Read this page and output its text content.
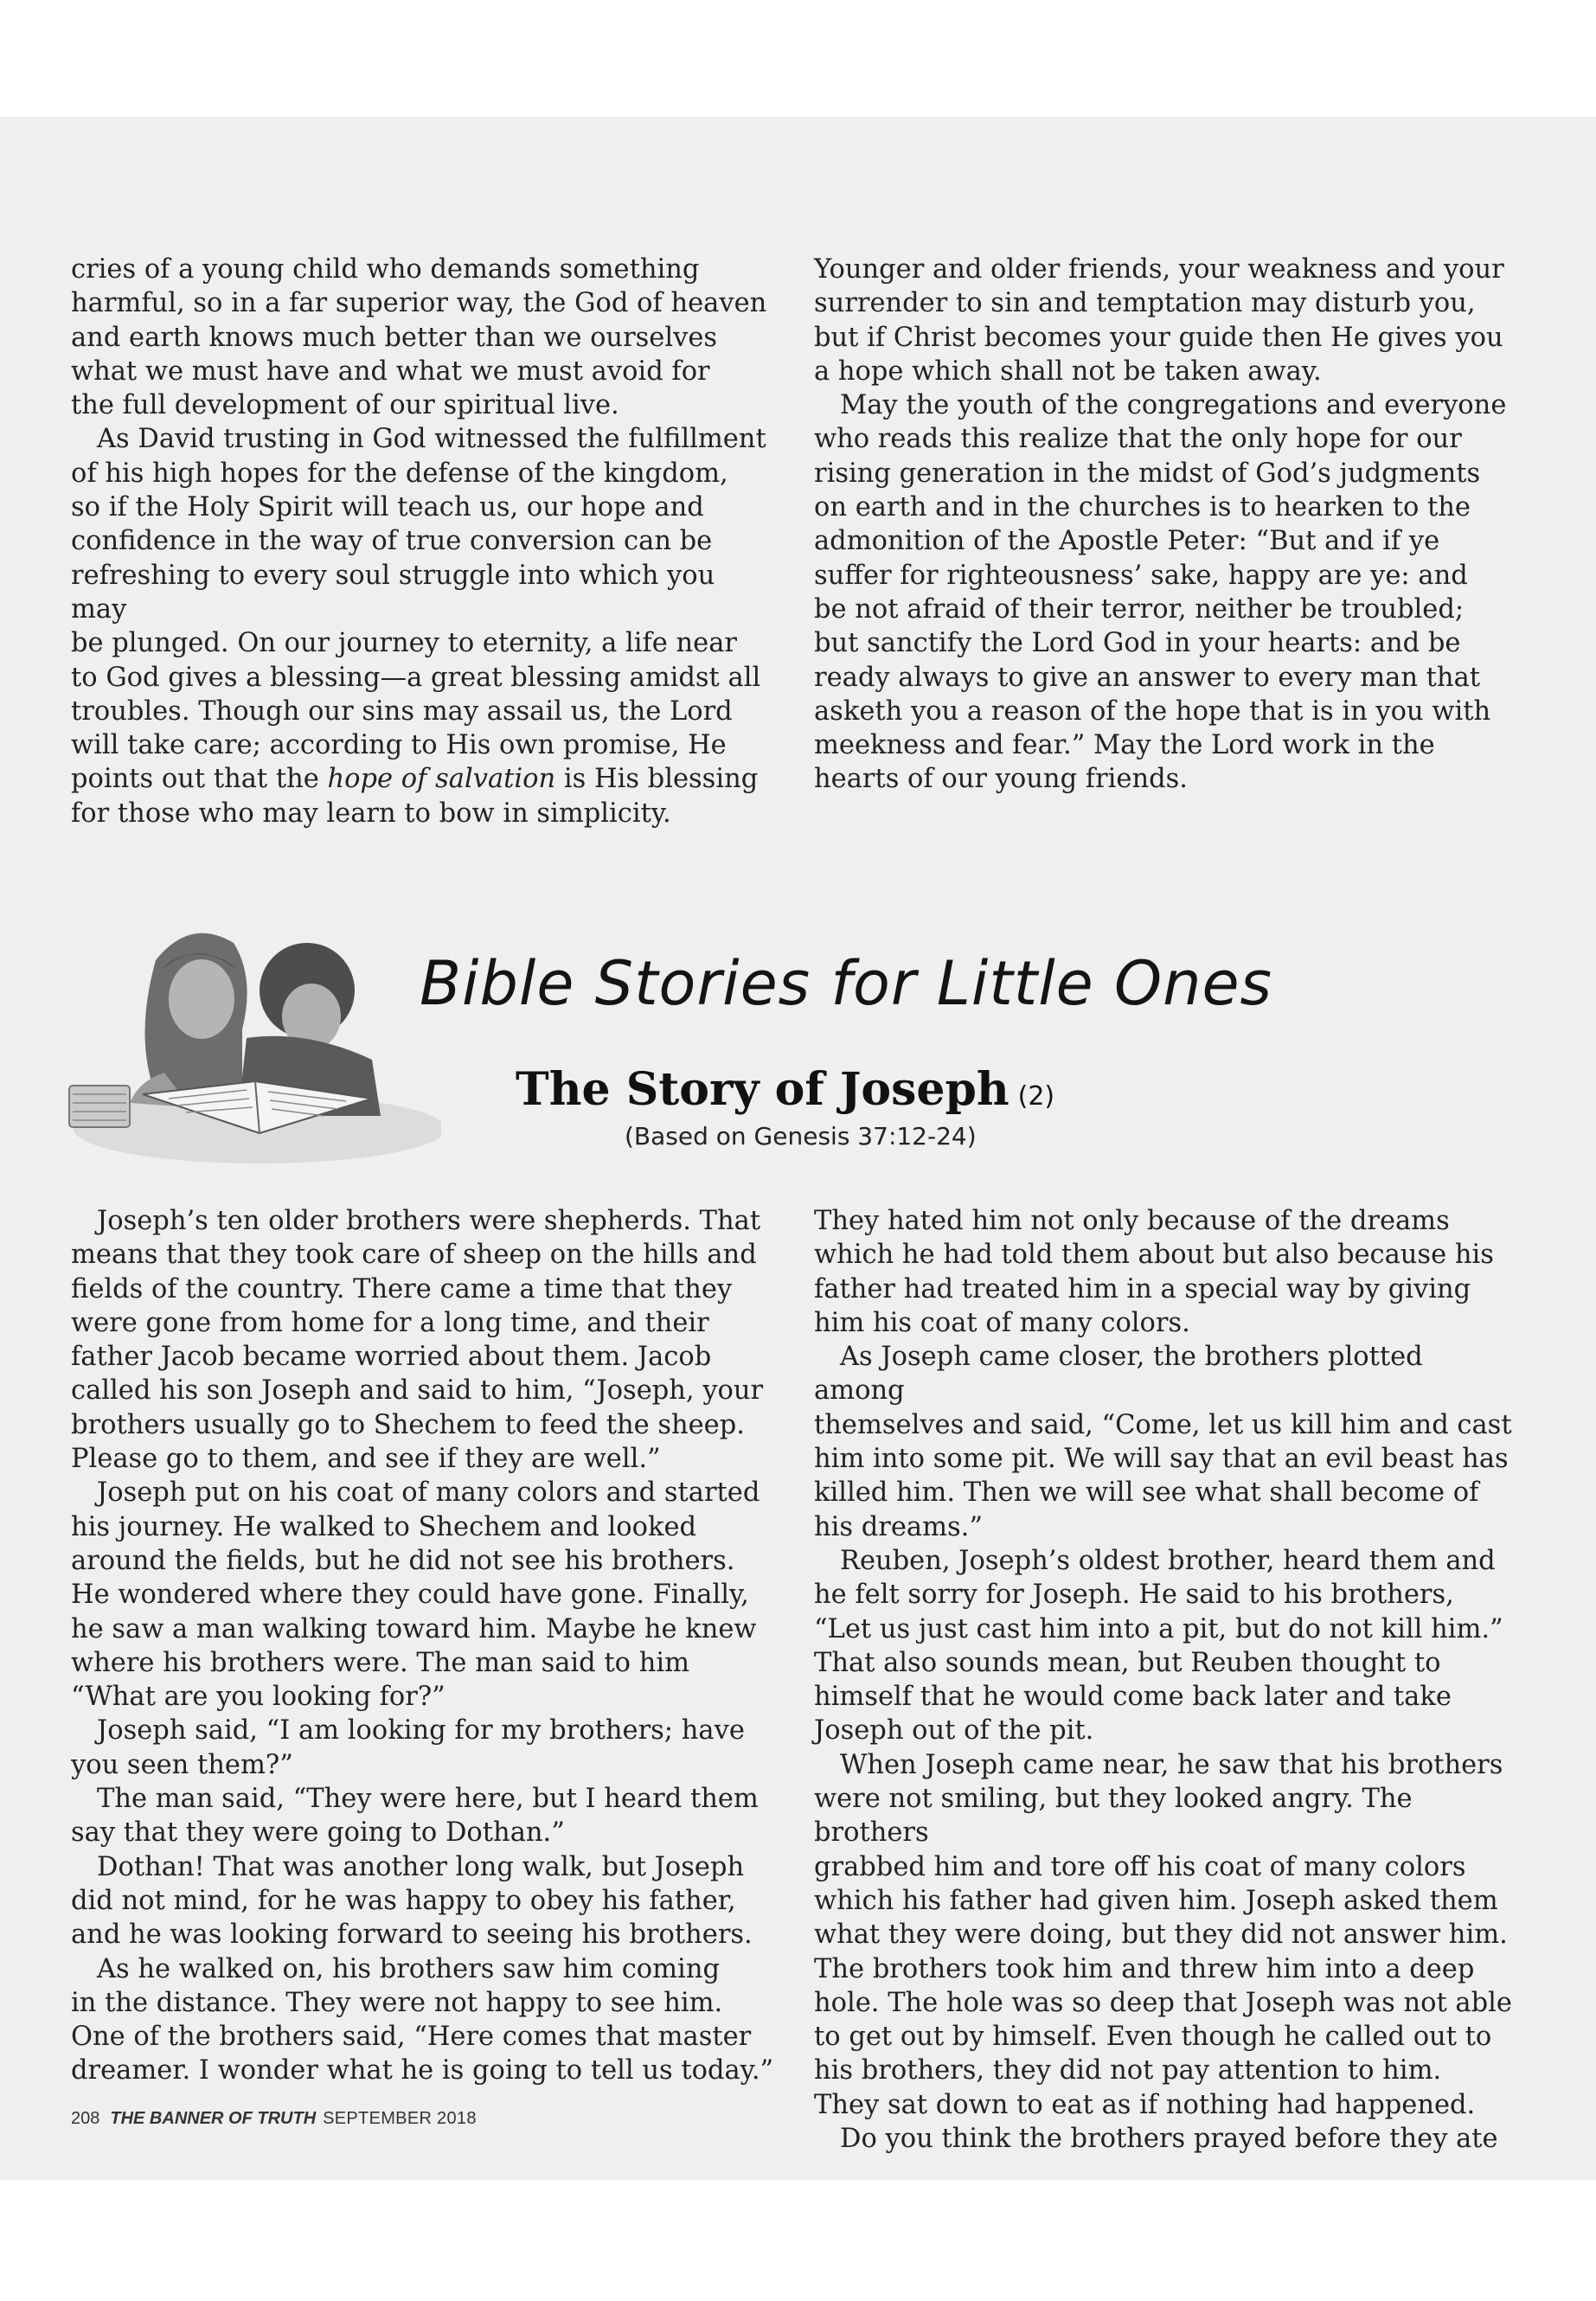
cries of a young child who demands something
harmful, so in a far superior way, the God of heaven
and earth knows much better than we ourselves
what we must have and what we must avoid for
the full development of our spiritual live.

As David trusting in God witnessed the fulfillment
of his high hopes for the defense of the kingdom,
so if the Holy Spirit will teach us, our hope and
confidence in the way of true conversion can be
refreshing to every soul struggle into which you may
be plunged. On our journey to eternity, a life near
to God gives a blessing—a great blessing amidst all
troubles. Though our sins may assail us, the Lord
will take care; according to His own promise, He
points out that the hope of salvation is His blessing
for those who may learn to bow in simplicity.

Younger and older friends, your weakness and your
surrender to sin and temptation may disturb you,
but if Christ becomes your guide then He gives you
a hope which shall not be taken away.

May the youth of the congregations and everyone
who reads this realize that the only hope for our
rising generation in the midst of God’s judgments
on earth and in the churches is to hearken to the
admonition of the Apostle Peter: “But and if ye
suffer for righteousness’ sake, happy are ye: and
be not afraid of their terror, neither be troubled;
but sanctify the Lord God in your hearts: and be
ready always to give an answer to every man that
asketh you a reason of the hope that is in you with
meekness and fear.” May the Lord work in the
hearts of our young friends.

Bible Stories for Little Ones
The Story of Joseph (2)
(Based on Genesis 37:12-24)

Joseph’s ten older brothers were shepherds. That
means that they took care of sheep on the hills and
fields of the country. There came a time that they
were gone from home for a long time, and their
father Jacob became worried about them. Jacob
called his son Joseph and said to him, “Joseph, your
brothers usually go to Shechem to feed the sheep.
Please go to them, and see if they are well.”

Joseph put on his coat of many colors and started
his journey. He walked to Shechem and looked
around the fields, but he did not see his brothers.
He wondered where they could have gone. Finally,
he saw a man walking toward him. Maybe he knew
where his brothers were. The man said to him
“What are you looking for?”

Joseph said, “I am looking for my brothers; have
you seen them?”

The man said, “They were here, but I heard them
say that they were going to Dothan.”

Dothan! That was another long walk, but Joseph
did not mind, for he was happy to obey his father,
and he was looking forward to seeing his brothers.

As he walked on, his brothers saw him coming
in the distance. They were not happy to see him.
One of the brothers said, “Here comes that master
dreamer. I wonder what he is going to tell us today.”

They hated him not only because of the dreams
which he had told them about but also because his
father had treated him in a special way by giving
him his coat of many colors.

As Joseph came closer, the brothers plotted among
themselves and said, “Come, let us kill him and cast
him into some pit. We will say that an evil beast has
killed him. Then we will see what shall become of
his dreams.”

Reuben, Joseph’s oldest brother, heard them and
he felt sorry for Joseph. He said to his brothers,
“Let us just cast him into a pit, but do not kill him.”
That also sounds mean, but Reuben thought to
himself that he would come back later and take
Joseph out of the pit.

When Joseph came near, he saw that his brothers
were not smiling, but they looked angry. The brothers
grabbed him and tore off his coat of many colors
which his father had given him. Joseph asked them
what they were doing, but they did not answer him.
The brothers took him and threw him into a deep
hole. The hole was so deep that Joseph was not able
to get out by himself. Even though he called out to
his brothers, they did not pay attention to him.
They sat down to eat as if nothing had happened.

Do you think the brothers prayed before they ate

208 THE BANNER OF TRUTH SEPTEMBER 2018
